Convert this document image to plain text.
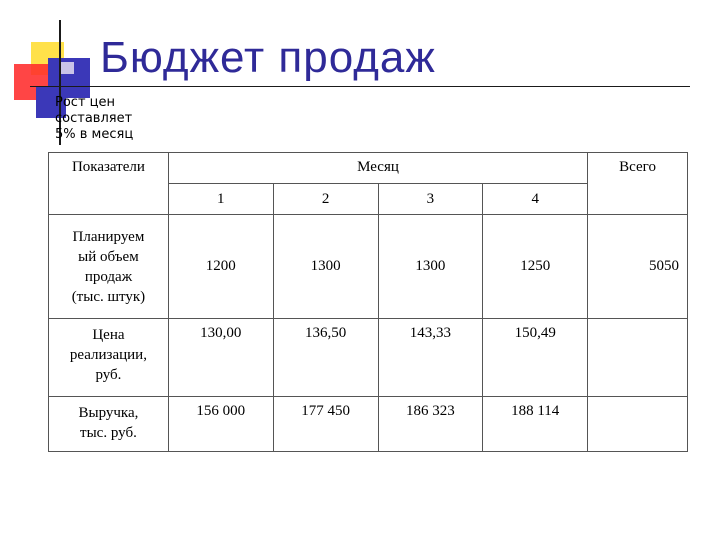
Бюджет продаж
Рост цен
составляет
5% в месяц
Показатели	Месяц				Всего
	1	2	3	4	
Планируем
ый объем
продаж
(тыс. штук)	1200	1300	1300	1250	5050
Цена
реализации,
руб.	130,00	136,50	143,33	150,49	
Выручка,
тыс. руб.	156 000	177 450	186 323	188 114	
